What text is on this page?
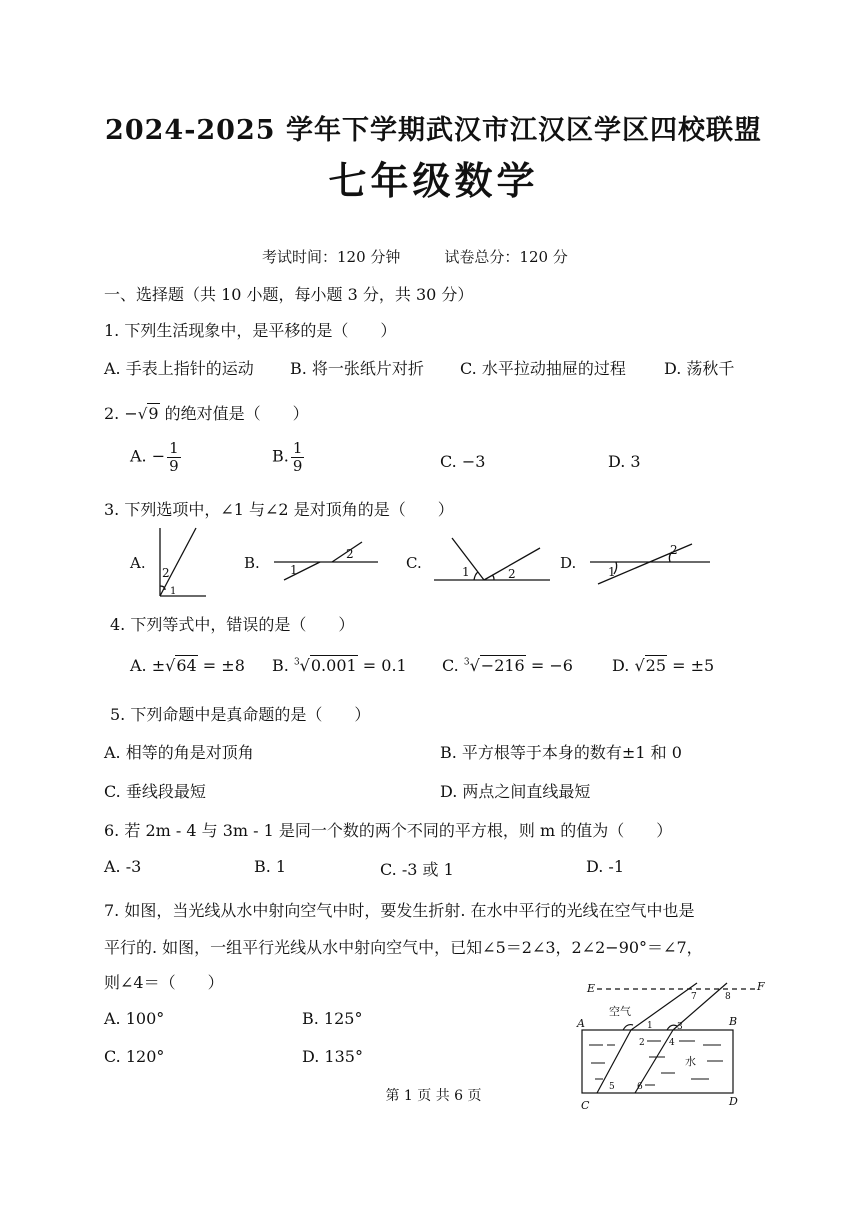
2024-2025 学年下学期武汉市江汉区学区四校联盟
七年级数学
考试时间：120 分钟	试卷总分：120 分
一、选择题（共 10 小题，每小题 3 分，共 30 分）
1. 下列生活现象中，是平移的是（　　）
A. 手表上指针的运动 B. 将一张纸片对折 C. 水平拉动抽屉的过程 D. 荡秋千
2. −√9 的绝对值是（　　）
A. − $\frac{1}{9}$	B. $\frac{1}{9}$	C. −3	D. 3
3. 下列选项中，∠1 与∠2 是对顶角的是（　　）
A.
2
1
B.	1
2	C.	1	2
D.	1
2
4. 下列等式中，错误的是（　　）
A. ±√64 = ±8 B. $^3$√0.001 = 0.1 C. $^3$√−216 = −6 D. √25 = ±5
5. 下列命题中是真命题的是（　　）
A. 相等的角是对顶角	B. 平方根等于本身的数有±1 和 0
C. 垂线段最短	D. 两点之间直线最短
6. 若 2m - 4 与 3m - 1 是同一个数的两个不同的平方根，则 m 的值为（　　）
A. -3	B. 1	C. -3 或 1	D. -1
7. 如图，当光线从水中射向空气中时，要发生折射. 在水中平行的光线在空气中也是
平行的. 如图，一组平行光线从水中射向空气中，已知∠5＝2∠3，2∠2−90°＝∠7，
则∠4＝（　　）
A. 100°	B. 125°
C. 120°	D. 135°
E	F
A	B
C	D
空气
水
1
2
3
4
5 6
7	8
第 1 页 共 6 页
